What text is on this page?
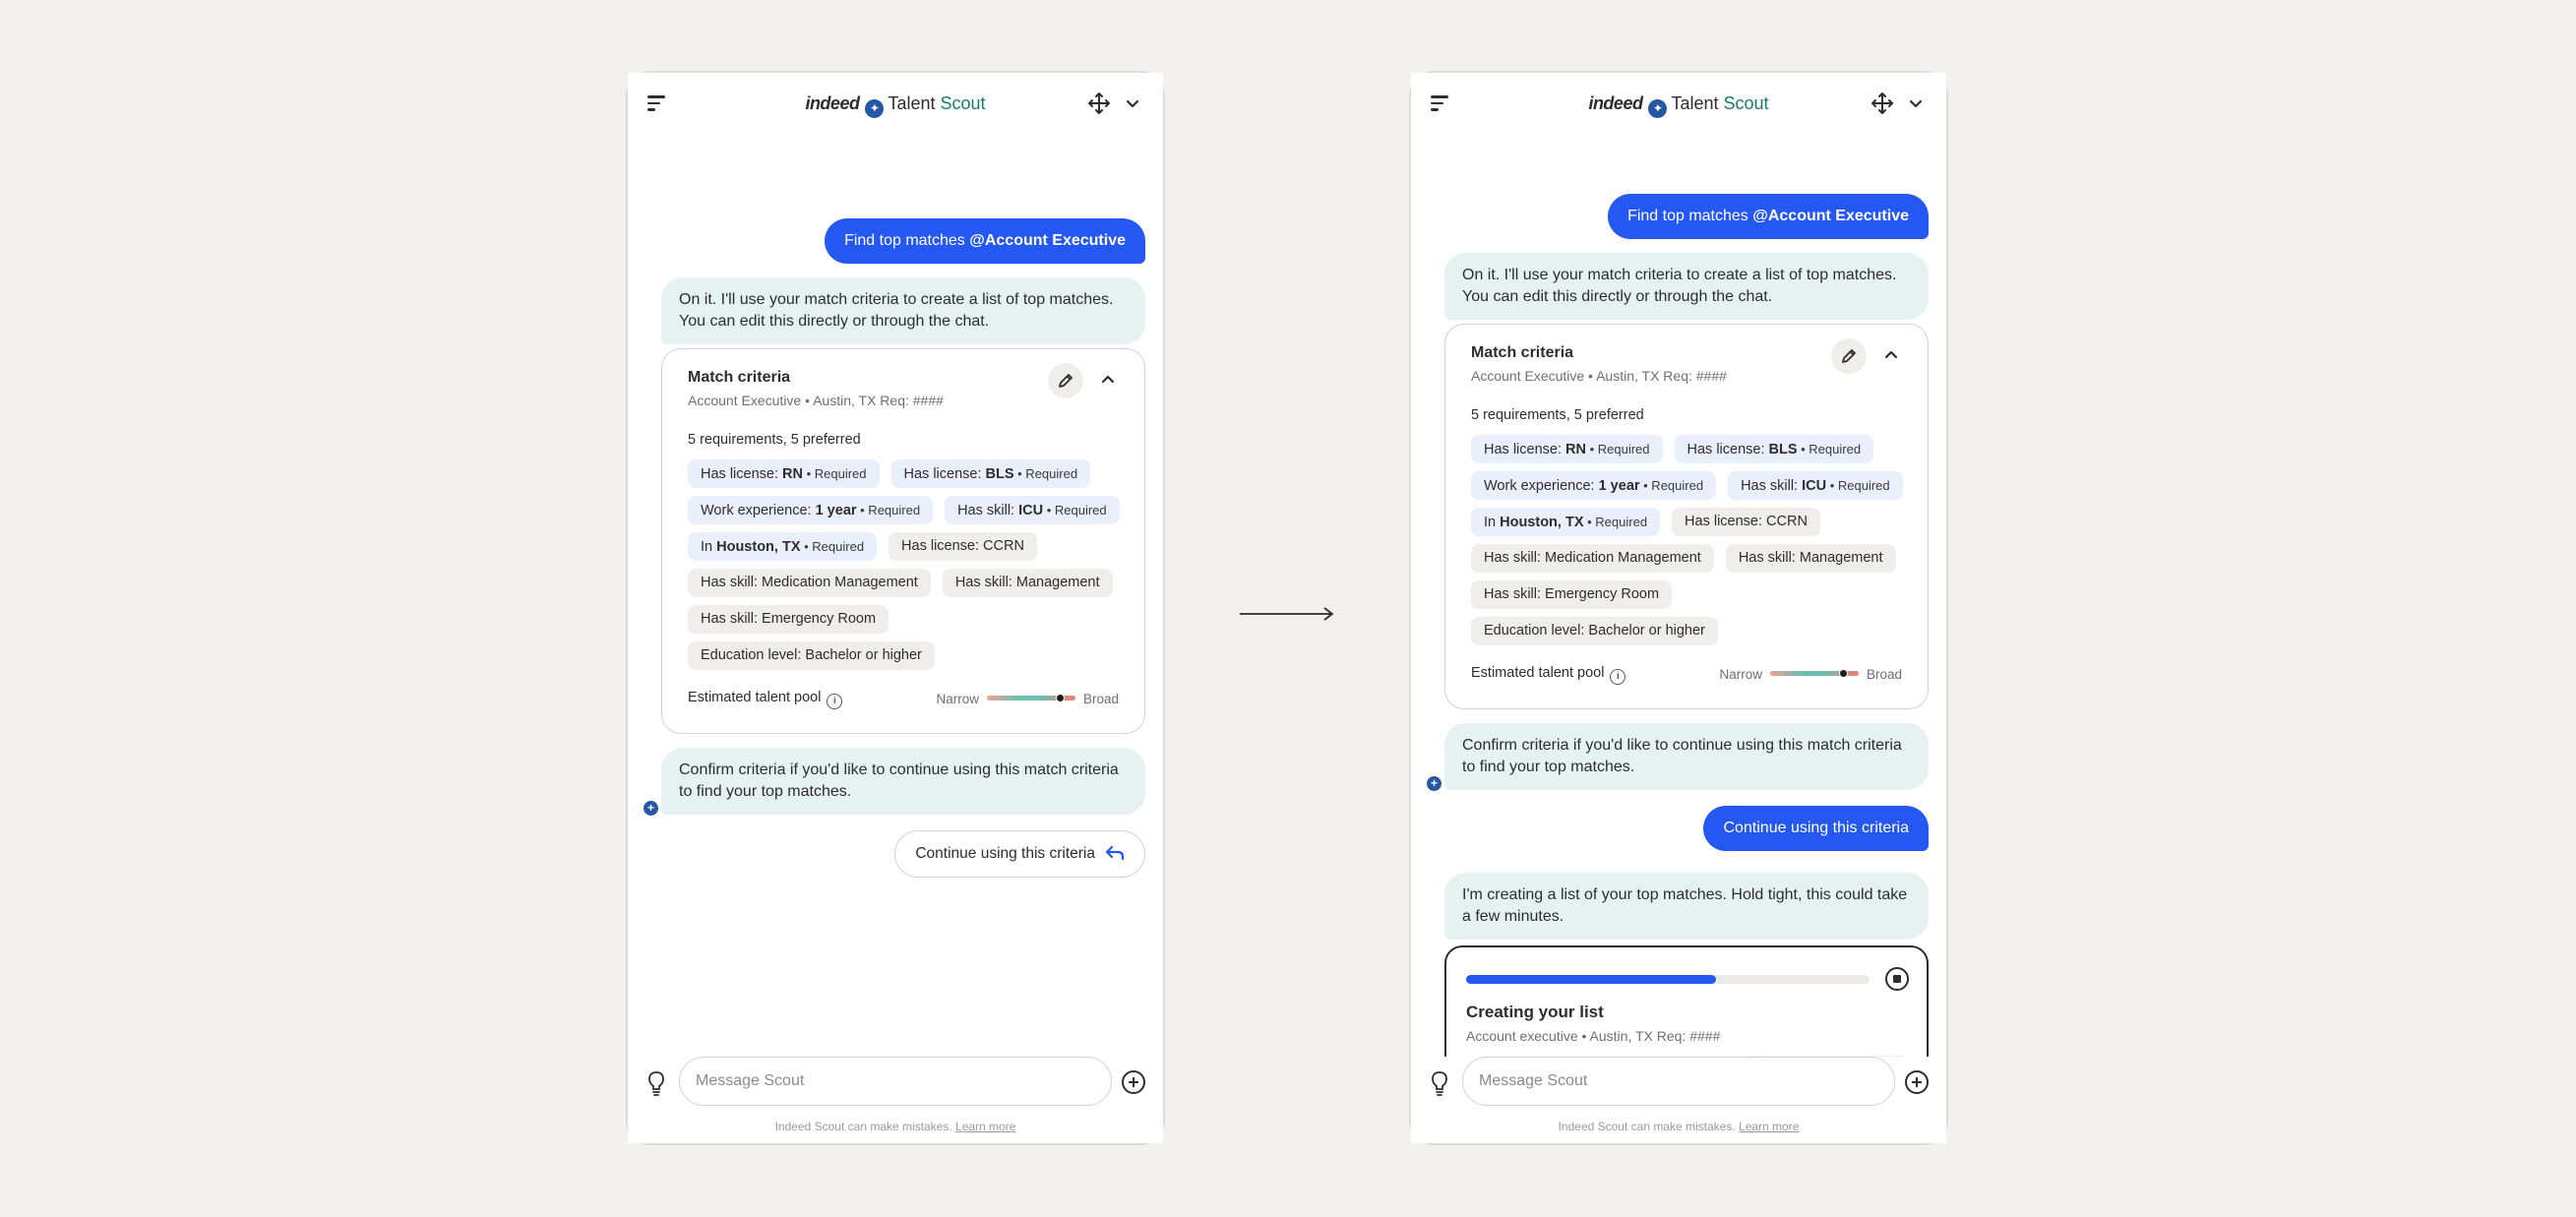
indeed ✦ Talent Scout
Find top matches @Account Executive
On it. I'll use your match criteria to create a list of top matches.
You can edit this directly or through the chat.
Match criteria
Account Executive • Austin, TX Req: ####
5 requirements, 5 preferred
Has license: RN • Required	Has license: BLS • Required
Work experience: 1 year • Required	Has skill: ICU • Required
In Houston, TX • Required	Has license: CCRN
Has skill: Medication Management	Has skill: Management
Has skill: Emergency Room
Education level: Bachelor or higher
Estimated talent pool i	Narrow	Broad
Confirm criteria if you'd like to continue using this match criteria
to find your top matches.
+
Continue using this criteria
Message Scout
Indeed Scout can make mistakes. Learn more
indeed ✦ Talent Scout
Find top matches @Account Executive
On it. I'll use your match criteria to create a list of top matches.
You can edit this directly or through the chat.
Match criteria
Account Executive • Austin, TX Req: ####
5 requirements, 5 preferred
Has license: RN • Required	Has license: BLS • Required
Work experience: 1 year • Required	Has skill: ICU • Required
In Houston, TX • Required	Has license: CCRN
Has skill: Medication Management	Has skill: Management
Has skill: Emergency Room
Education level: Bachelor or higher
Estimated talent pool i	Narrow	Broad
Confirm criteria if you'd like to continue using this match criteria
to find your top matches.
+
Continue using this criteria
I'm creating a list of your top matches. Hold tight, this could take
a few minutes.
Creating your list
Account executive • Austin, TX Req: ####
Message Scout
Indeed Scout can make mistakes. Learn more
